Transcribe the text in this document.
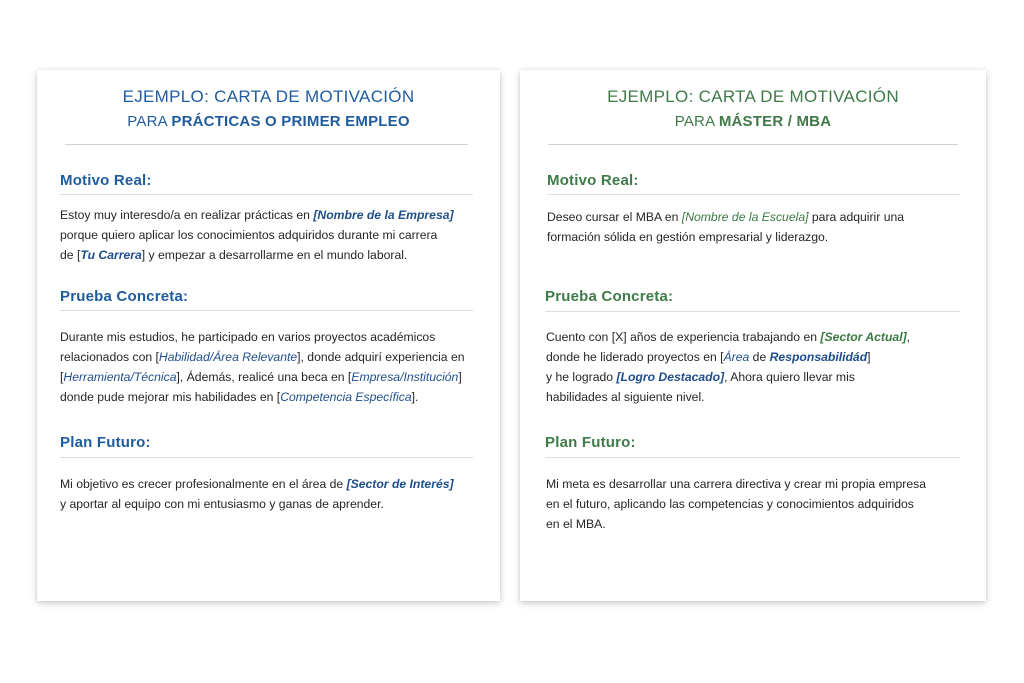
EJEMPLO: CARTA DE MOTIVACIÓN
PARA PRÁCTICAS O PRIMER EMPLEO
Motivo Real:
Estoy muy interesdo/a en realizar prácticas en [Nombre de la Empresa]
porque quiero aplicar los conocimientos adquiridos durante mi carrera
de [Tu Carrera] y empezar a desarrollarme en el mundo laboral.
Prueba Concreta:
Durante mis estudios, he participado en varios proyectos académicos
relacionados con [Habilidad/Área Relevante], donde adquirí experiencia en
[Herramienta/Técnica], Ádemás, realicé una beca en [Empresa/Institución]
donde pude mejorar mis habilidades en [Competencia Específica].
Plan Futuro:
Mi objetivo es crecer profesionalmente en el área de [Sector de Interés]
y aportar al equipo con mi entusiasmo y ganas de aprender.
EJEMPLO: CARTA DE MOTIVACIÓN
PARA MÁSTER / MBA
Motivo Real:
Deseo cursar el MBA en [Nombre de la Escuela] para adquirir una
formación sólida en gestión empresarial y liderazgo.
Prueba Concreta:
Cuento con [X] años de experiencia trabajando en [Sector Actual],
donde he liderado proyectos en [Área de Responsabilidád]
y he logrado [Logro Destacado], Ahora quiero llevar mis
habilidades al siguiente nivel.
Plan Futuro:
Mi meta es desarrollar una carrera directiva y crear mi propia empresa
en el futuro, aplicando las competencias y conocimientos adquiridos
en el MBA.
